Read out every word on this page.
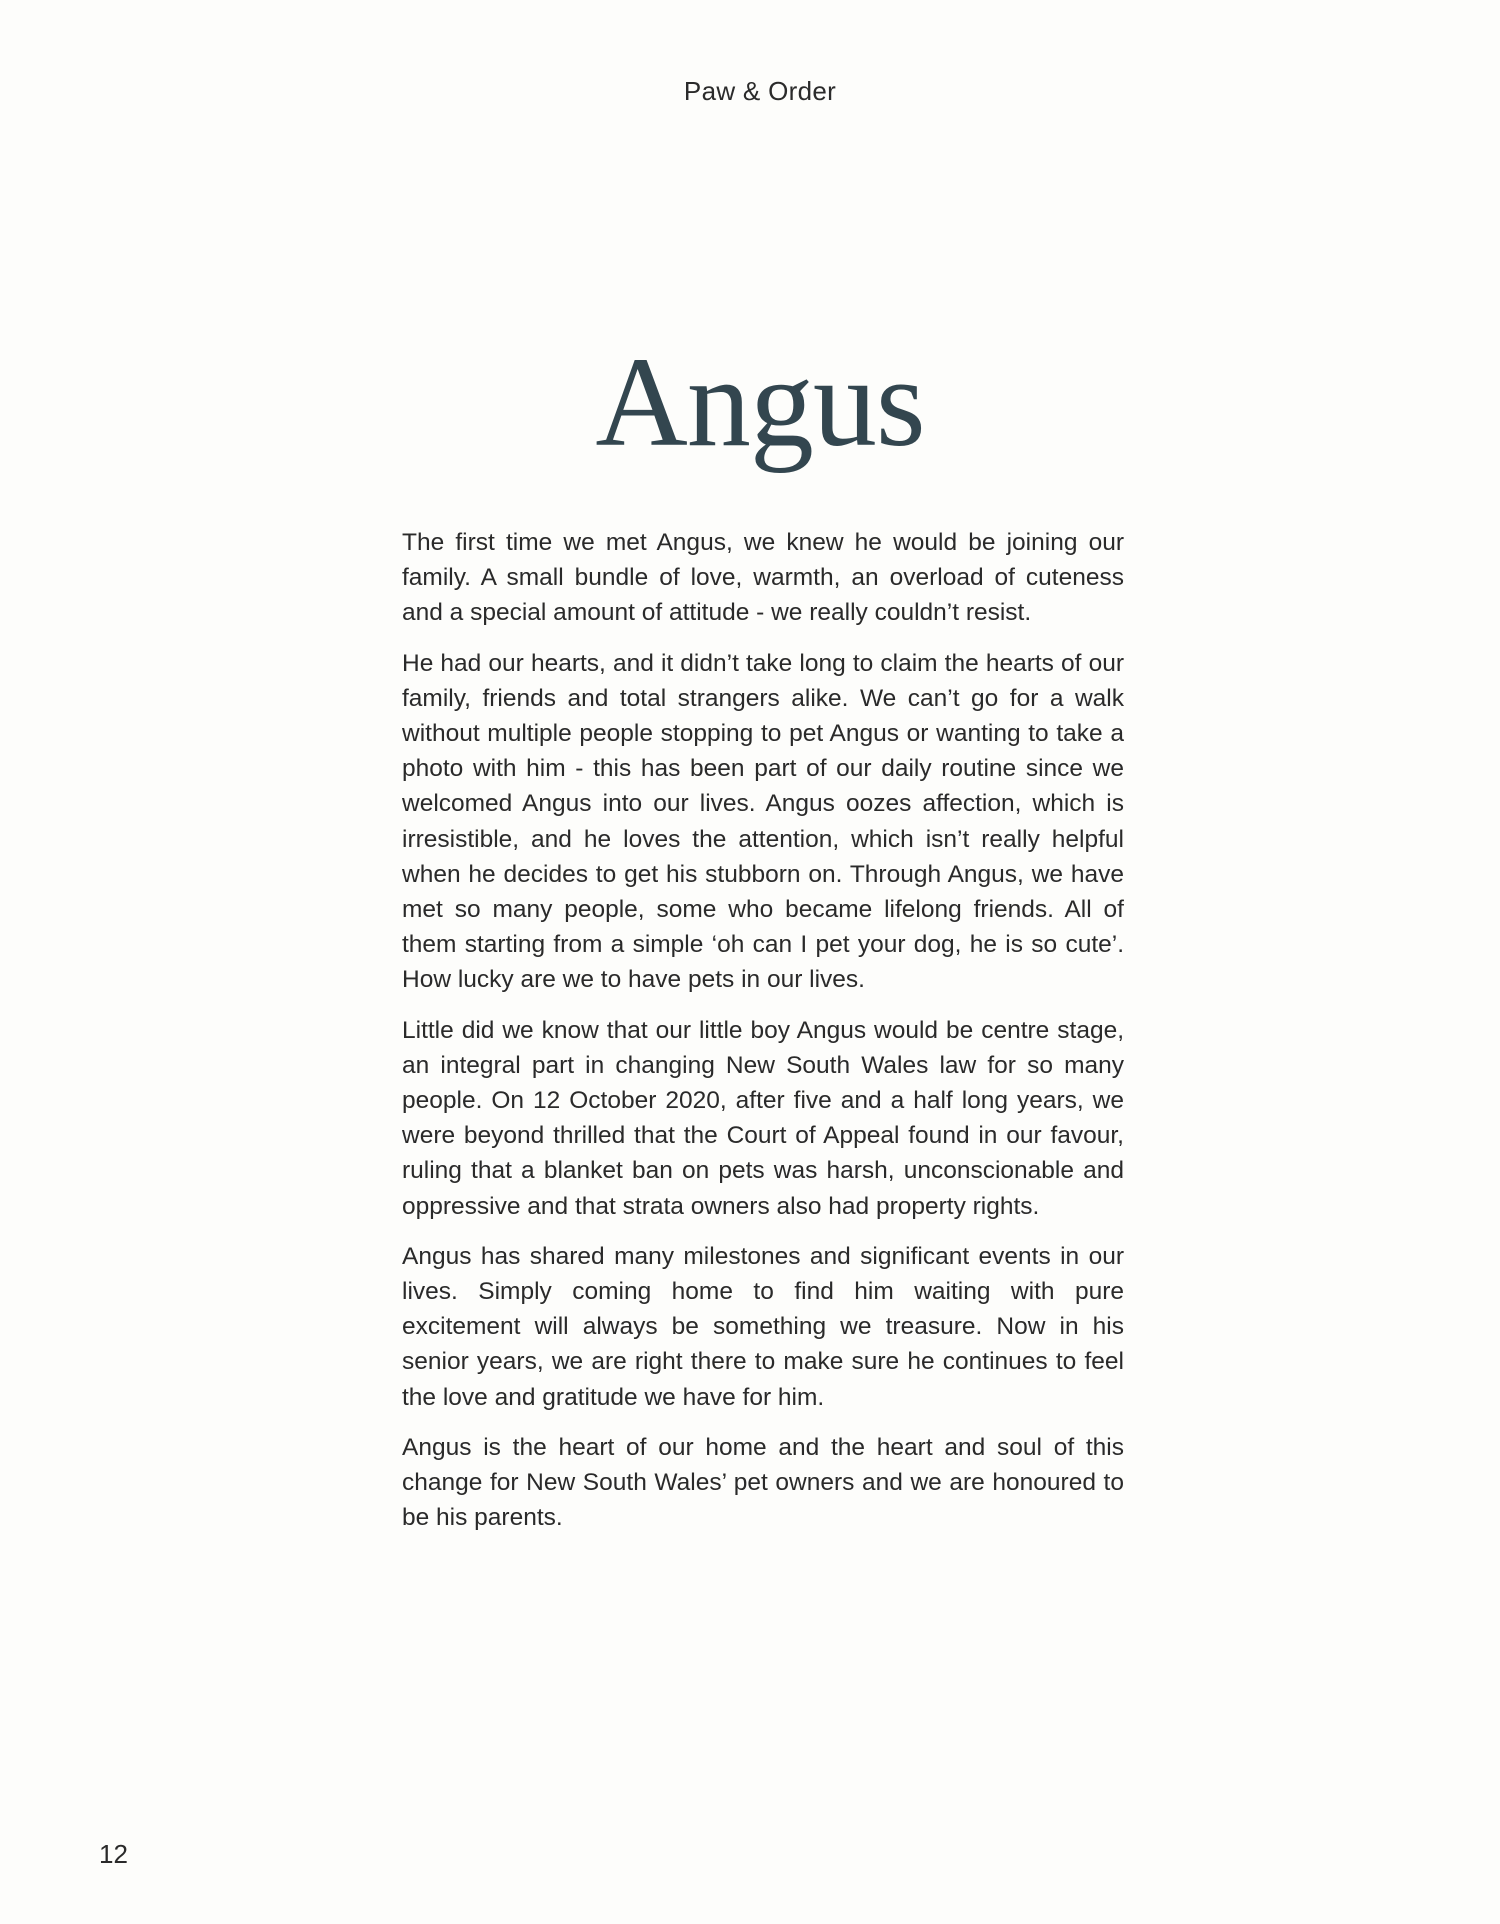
Paw & Order
Angus

The first time we met Angus, we knew he would be joining our family. A small bundle of love, warmth, an overload of cuteness and a special amount of attitude - we really couldn’t resist.

He had our hearts, and it didn’t take long to claim the hearts of our family, friends and total strangers alike. We can’t go for a walk without multiple people stopping to pet Angus or wanting to take a photo with him - this has been part of our daily routine since we welcomed Angus into our lives. Angus oozes affection, which is irresistible, and he loves the attention, which isn’t really helpful when he decides to get his stubborn on. Through Angus, we have met so many people, some who became lifelong friends. All of them starting from a simple ‘oh can I pet your dog, he is so cute’. How lucky are we to have pets in our lives.

Little did we know that our little boy Angus would be centre stage, an integral part in changing New South Wales law for so many people. On 12 October 2020, after five and a half long years, we were beyond thrilled that the Court of Appeal found in our favour, ruling that a blanket ban on pets was harsh, unconscionable and oppressive and that strata owners also had property rights.

Angus has shared many milestones and significant events in our lives. Simply coming home to find him waiting with pure excitement will always be something we treasure. Now in his senior years, we are right there to make sure he continues to feel the love and gratitude we have for him.

Angus is the heart of our home and the heart and soul of this change for New South Wales’ pet owners and we are honoured to be his parents.

12
